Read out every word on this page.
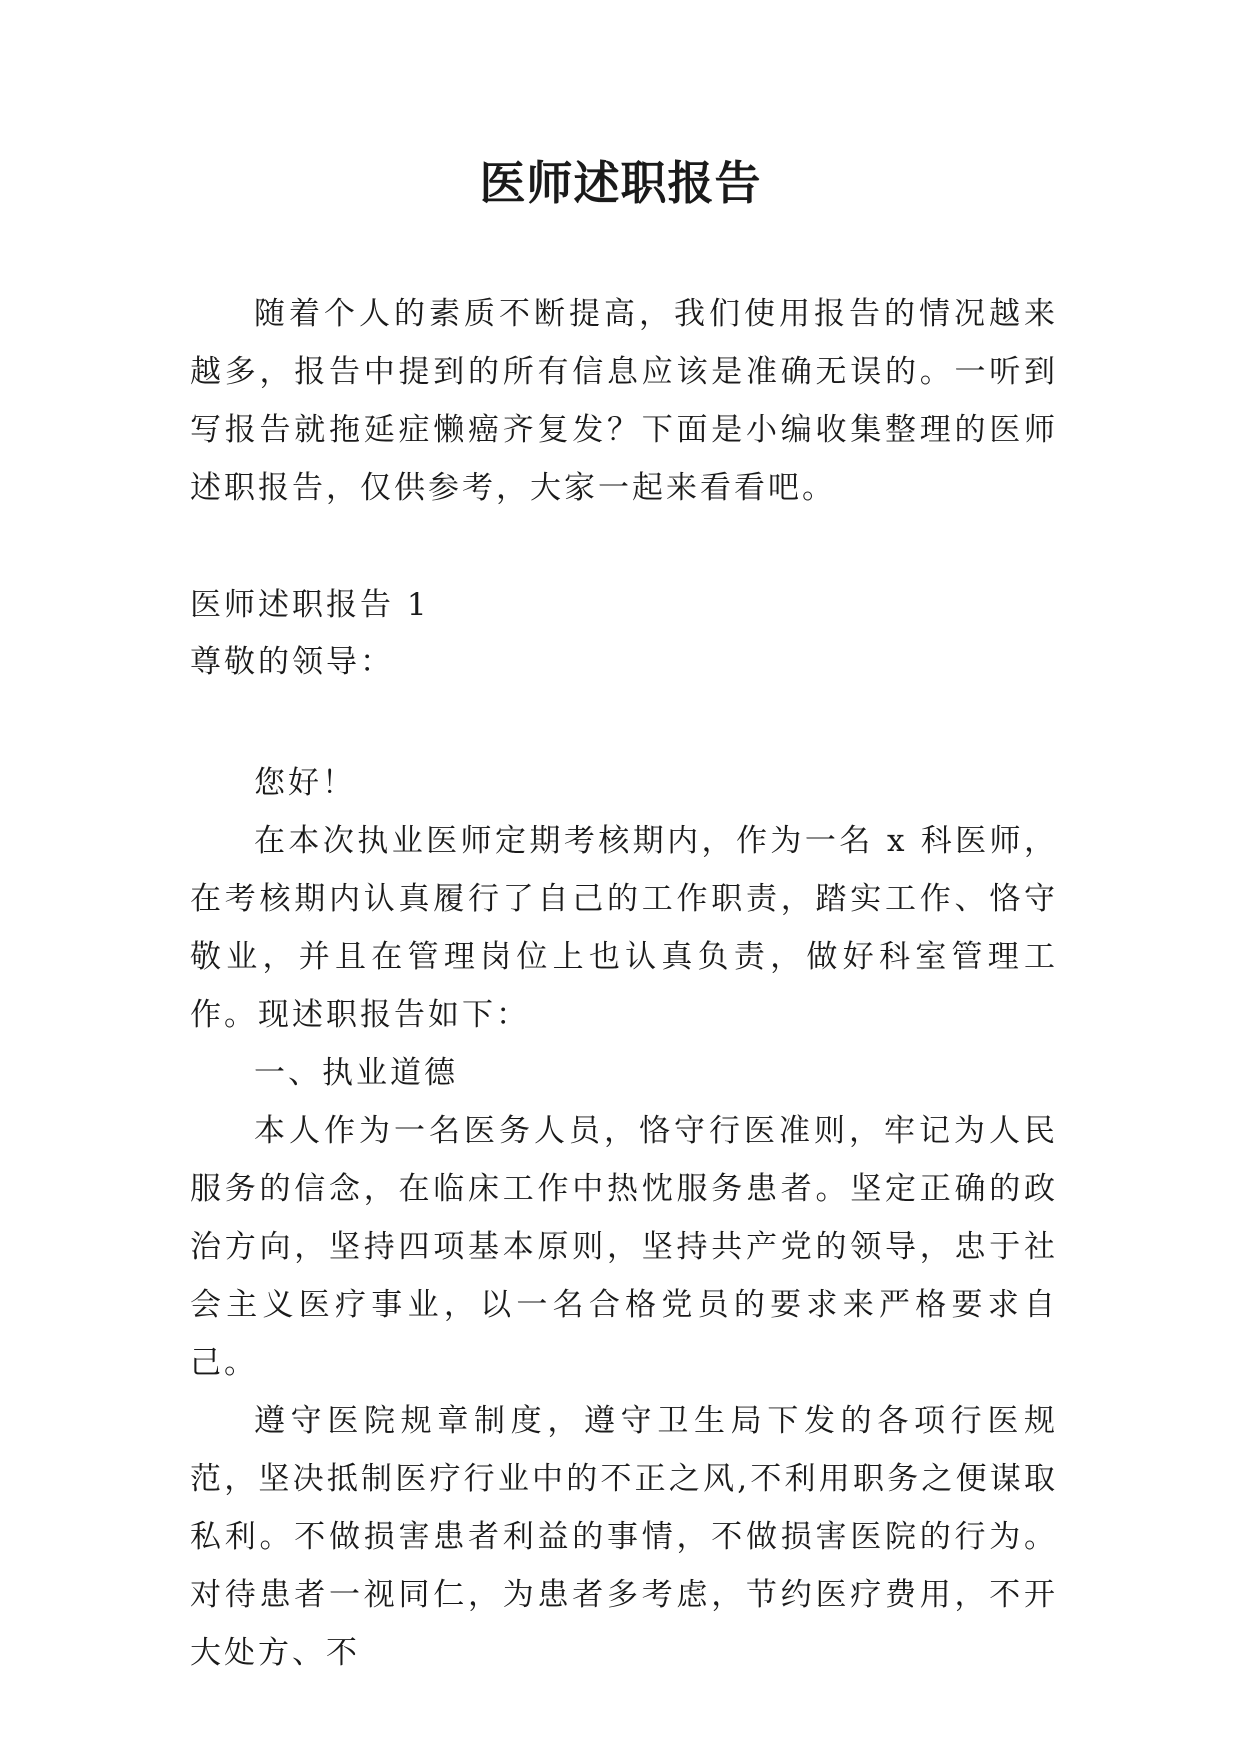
医师述职报告

随着个人的素质不断提高，我们使用报告的情况越来越多，报告中提到的所有信息应该是准确无误的。一听到写报告就拖延症懒癌齐复发？下面是小编收集整理的医师述职报告，仅供参考，大家一起来看看吧。

医师述职报告 1
尊敬的领导：
您好！
在本次执业医师定期考核期内，作为一名 x 科医师，在考核期内认真履行了自己的工作职责，踏实工作、恪守敬业，并且在管理岗位上也认真负责，做好科室管理工作。现述职报告如下：
一、执业道德
本人作为一名医务人员，恪守行医准则，牢记为人民服务的信念，在临床工作中热忱服务患者。坚定正确的政治方向，坚持四项基本原则，坚持共产党的领导，忠于社会主义医疗事业，以一名合格党员的要求来严格要求自己。
遵守医院规章制度，遵守卫生局下发的各项行医规范，坚决抵制医疗行业中的不正之风,不利用职务之便谋取私利。不做损害患者利益的事情，不做损害医院的行为。对待患者一视同仁，为患者多考虑，节约医疗费用，不开大处方、不
